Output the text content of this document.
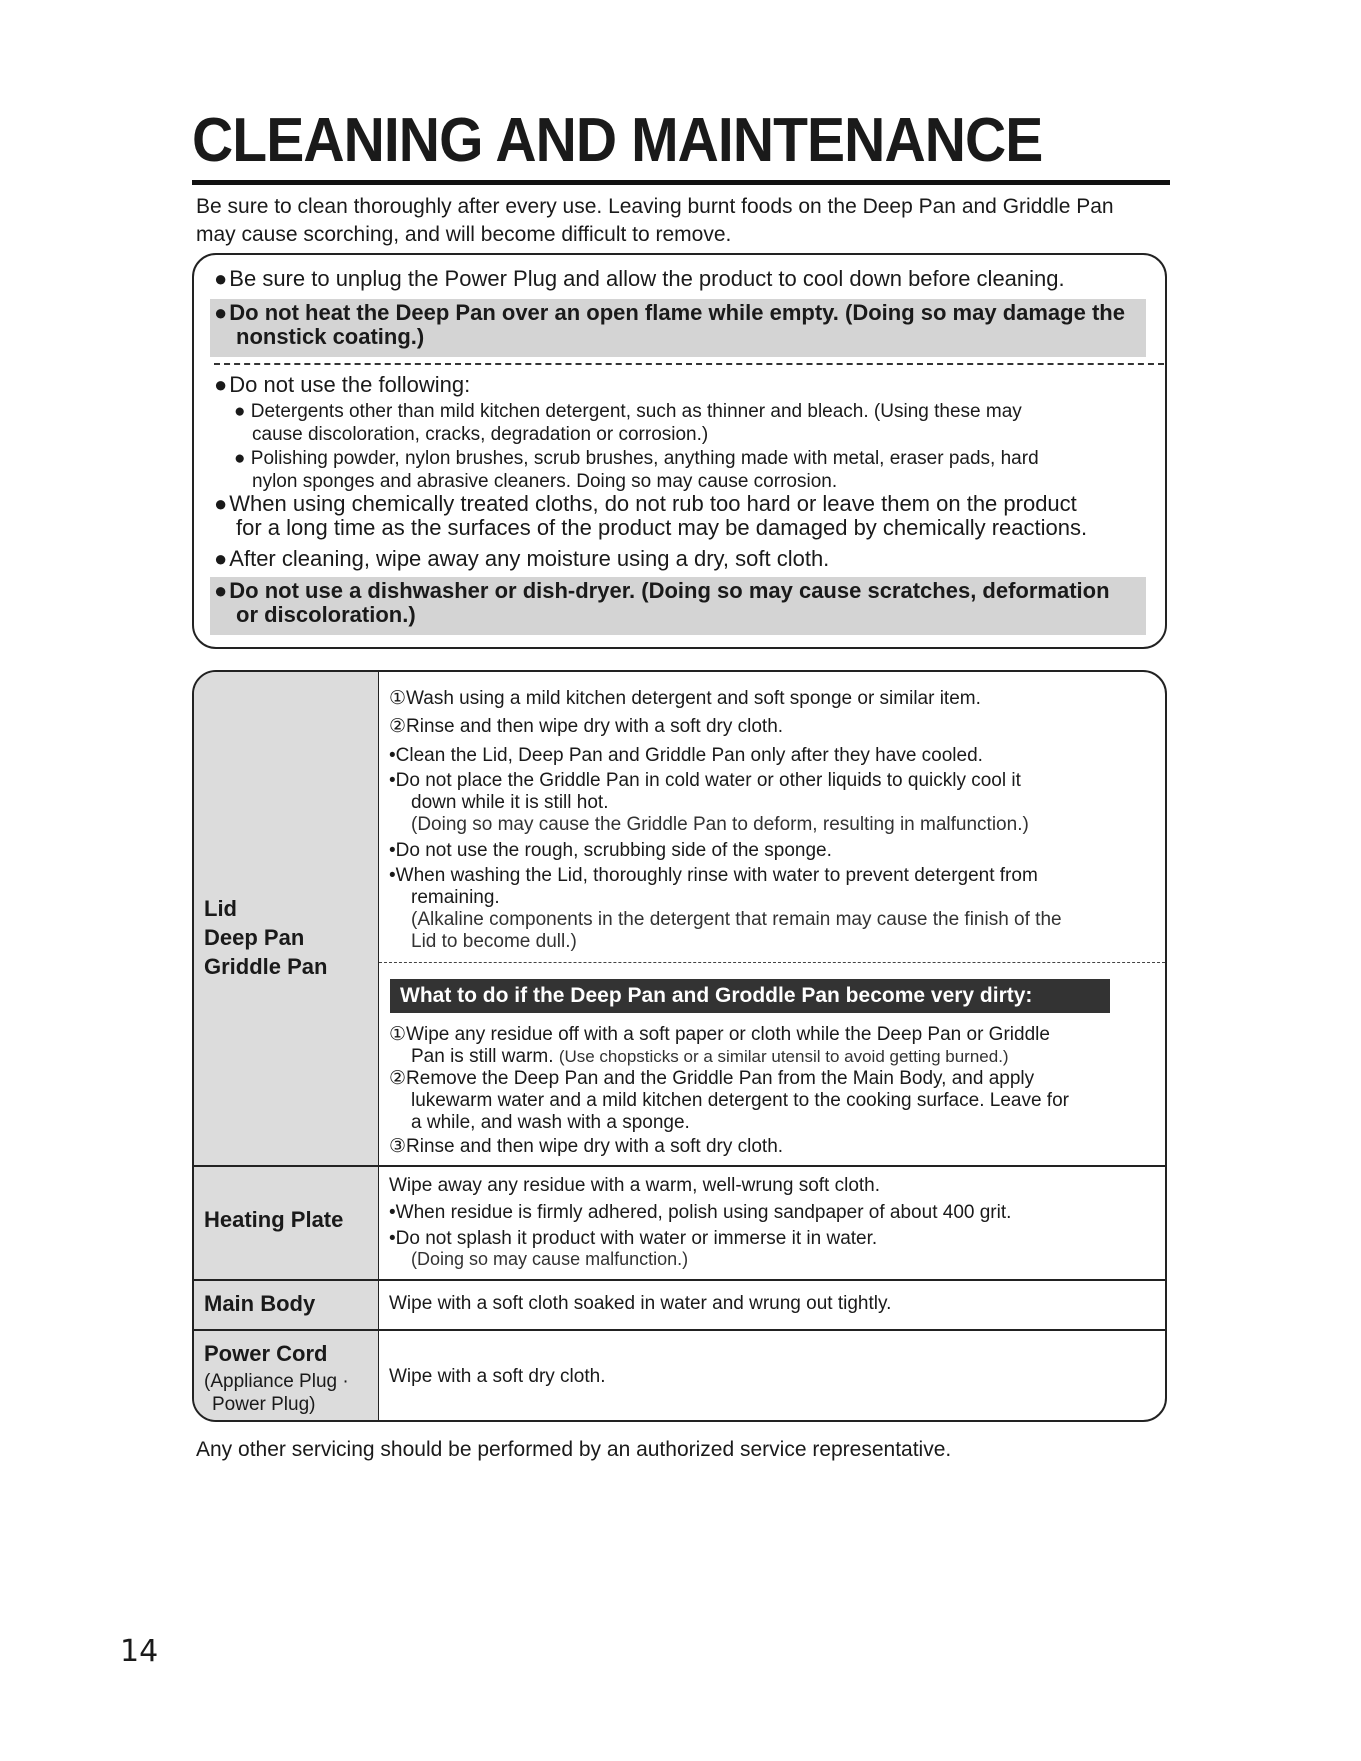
CLEANING AND MAINTENANCE

Be sure to clean thoroughly after every use. Leaving burnt foods on the Deep Pan and Griddle Pan may cause scorching, and will become difficult to remove.

●Be sure to unplug the Power Plug and allow the product to cool down before cleaning.
●Do not heat the Deep Pan over an open flame while empty. (Doing so may damage the
nonstick coating.)
●Do not use the following:
● Detergents other than mild kitchen detergent, such as thinner and bleach. (Using these may
cause discoloration, cracks, degradation or corrosion.)
● Polishing powder, nylon brushes, scrub brushes, anything made with metal, eraser pads, hard
nylon sponges and abrasive cleaners. Doing so may cause corrosion.
●When using chemically treated cloths, do not rub too hard or leave them on the product
for a long time as the surfaces of the product may be damaged by chemically reactions.
●After cleaning, wipe away any moisture using a dry, soft cloth.
●Do not use a dishwasher or dish-dryer. (Doing so may cause scratches, deformation
or discoloration.)
Lid
Deep Pan
Griddle Pan
①Wash using a mild kitchen detergent and soft sponge or similar item.
②Rinse and then wipe dry with a soft dry cloth.
•Clean the Lid, Deep Pan and Griddle Pan only after they have cooled.
•Do not place the Griddle Pan in cold water or other liquids to quickly cool it
down while it is still hot.
(Doing so may cause the Griddle Pan to deform, resulting in malfunction.)
•Do not use the rough, scrubbing side of the sponge.
•When washing the Lid, thoroughly rinse with water to prevent detergent from
remaining.
(Alkaline components in the detergent that remain may cause the finish of the
Lid to become dull.)
What to do if the Deep Pan and Groddle Pan become very dirty:
①Wipe any residue off with a soft paper or cloth while the Deep Pan or Griddle
Pan is still warm. (Use chopsticks or a similar utensil to avoid getting burned.)
②Remove the Deep Pan and the Griddle Pan from the Main Body, and apply
lukewarm water and a mild kitchen detergent to the cooking surface. Leave for
a while, and wash with a sponge.
③Rinse and then wipe dry with a soft dry cloth.
Heating Plate
Wipe away any residue with a warm, well-wrung soft cloth.
•When residue is firmly adhered, polish using sandpaper of about 400 grit.
•Do not splash it product with water or immerse it in water.
(Doing so may cause malfunction.)
Main Body	Wipe with a soft cloth soaked in water and wrung out tightly.
Power Cord
(Appliance Plug ·
Power Plug)
Wipe with a soft dry cloth.

Any other servicing should be performed by an authorized service representative.

14
